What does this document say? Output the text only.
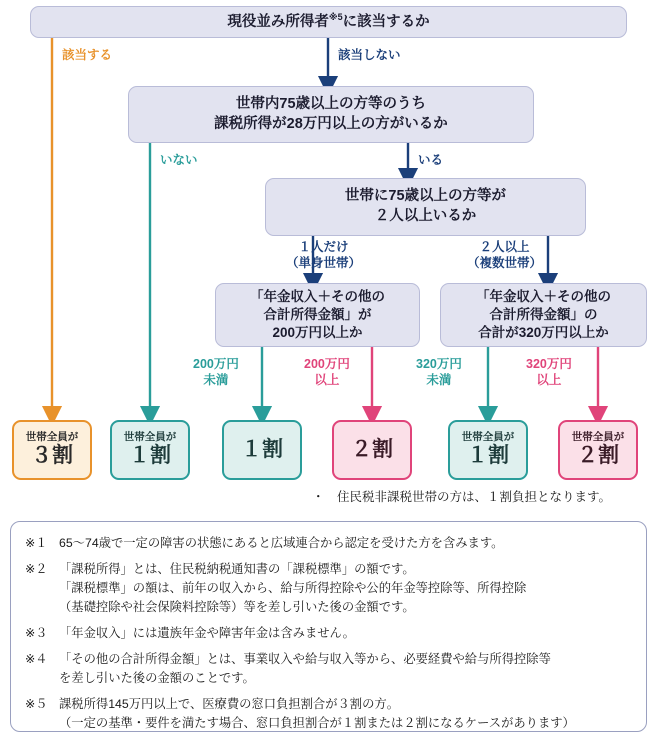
現役並み所得者$^{※5}$に該当するか
世帯内75歳以上の方等のうち
課税所得が28万円以上の方がいるか
世帯に75歳以上の方等が
２人以上いるか
「年金収入＋その他の
合計所得金額」が
200万円以上か
「年金収入＋その他の
合計所得金額」の
合計が320万円以上か
該当する	該当しない
いない	いる
１人だけ
（単身世帯）
２人以上
（複数世帯）
200万円
未満
200万円
以上
320万円
未満
320万円
以上
世帯全員が
３割
世帯全員が
１割	１割	２割
世帯全員が
１割
世帯全員が
２割
・　住民税非課税世帯の方は、１割負担となります。
※１ 65〜74歳で一定の障害の状態にあると広域連合から認定を受けた方を含みます。
※２ 「課税所得」とは、住民税納税通知書の「課税標準」の額です。
「課税標準」の額は、前年の収入から、給与所得控除や公的年金等控除等、所得控除
（基礎控除や社会保険料控除等）等を差し引いた後の金額です。
※３ 「年金収入」には遺族年金や障害年金は含みません。
※４ 「その他の合計所得金額」とは、事業収入や給与収入等から、必要経費や給与所得控除等
を差し引いた後の金額のことです。
※５ 課税所得145万円以上で、医療費の窓口負担割合が３割の方。
（一定の基準・要件を満たす場合、窓口負担割合が１割または２割になるケースがあります）
